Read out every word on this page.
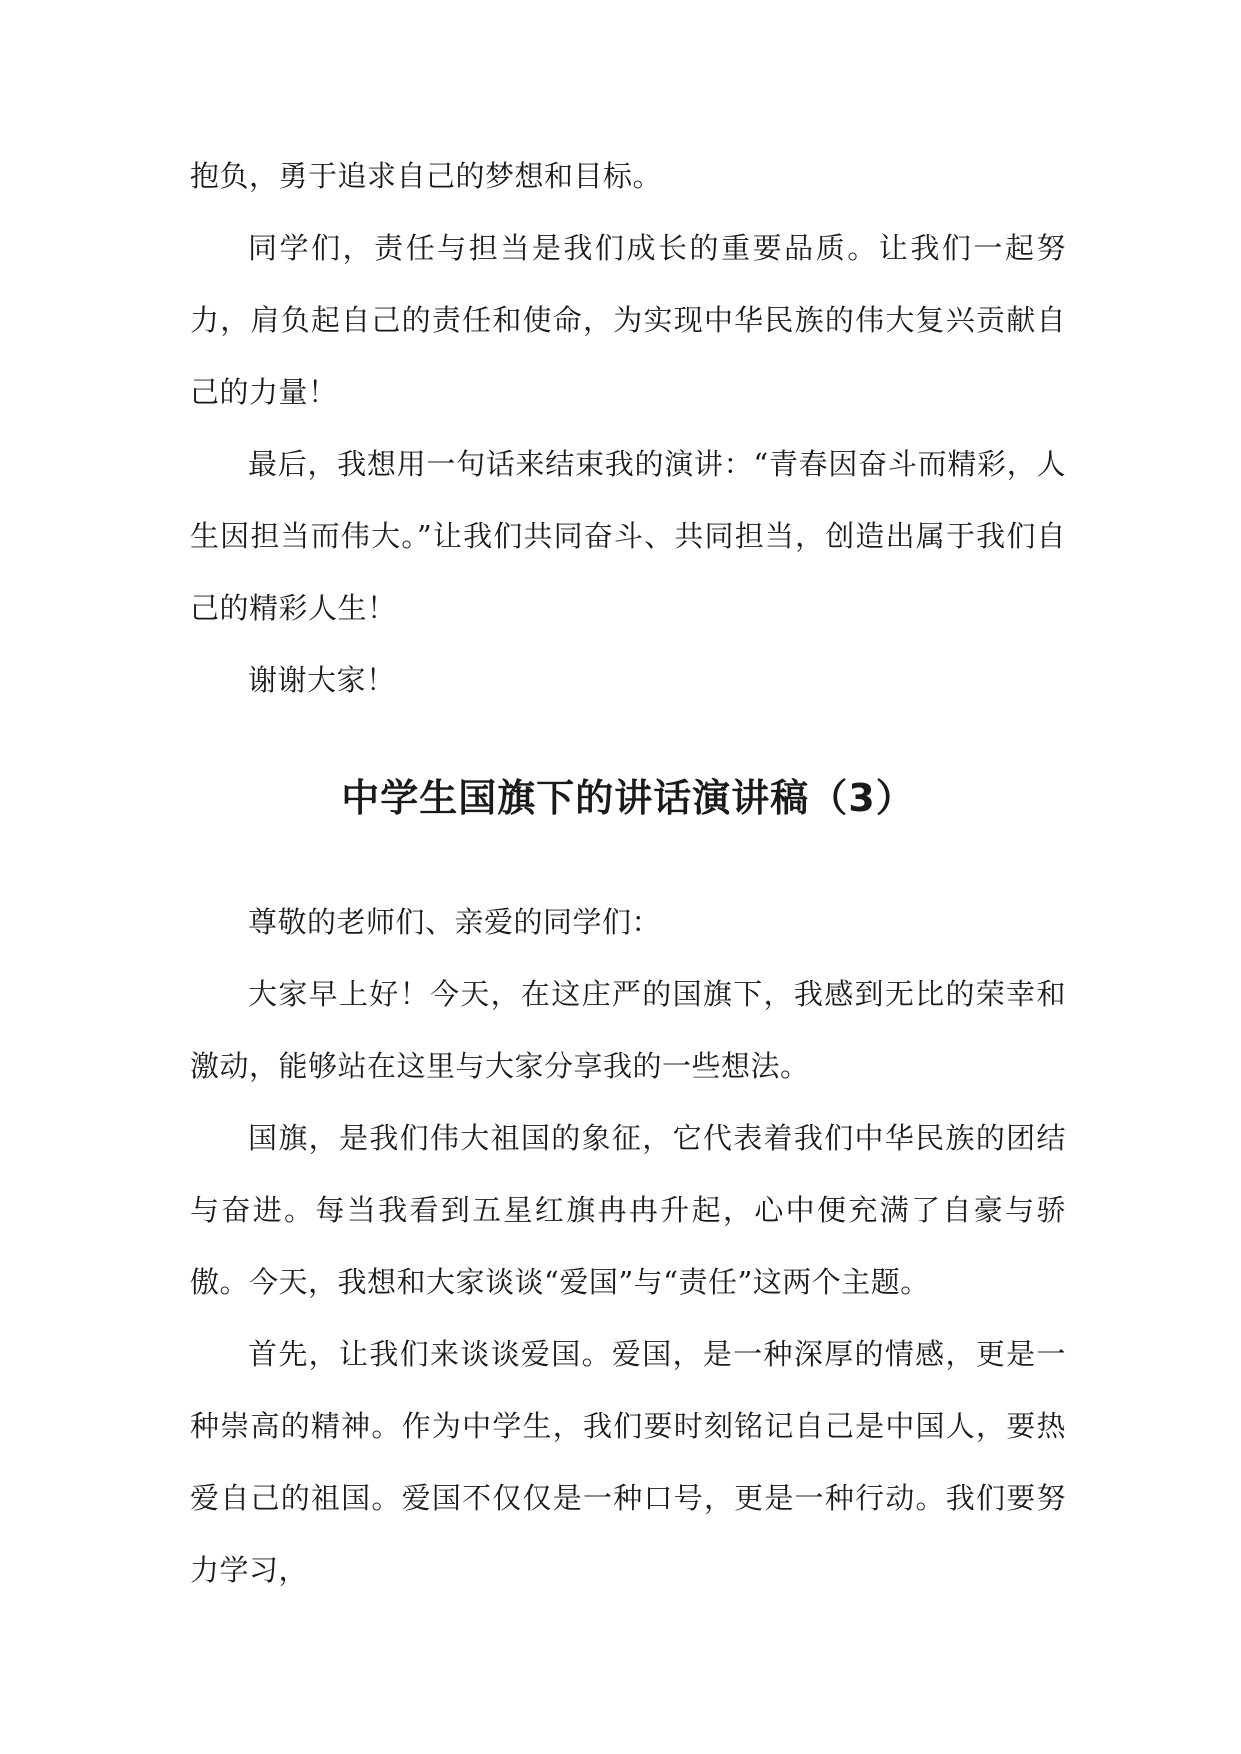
抱负，勇于追求自己的梦想和目标。

同学们，责任与担当是我们成长的重要品质。让我们一起努力，肩负起自己的责任和使命，为实现中华民族的伟大复兴贡献自己的力量！

最后，我想用一句话来结束我的演讲：“青春因奋斗而精彩，人生因担当而伟大。”让我们共同奋斗、共同担当，创造出属于我们自己的精彩人生！

谢谢大家！

中学生国旗下的讲话演讲稿（3）

尊敬的老师们、亲爱的同学们：

大家早上好！今天，在这庄严的国旗下，我感到无比的荣幸和激动，能够站在这里与大家分享我的一些想法。

国旗，是我们伟大祖国的象征，它代表着我们中华民族的团结与奋进。每当我看到五星红旗冉冉升起，心中便充满了自豪与骄傲。今天，我想和大家谈谈“爱国”与“责任”这两个主题。

首先，让我们来谈谈爱国。爱国，是一种深厚的情感，更是一种崇高的精神。作为中学生，我们要时刻铭记自己是中国人，要热爱自己的祖国。爱国不仅仅是一种口号，更是一种行动。我们要努力学习，
